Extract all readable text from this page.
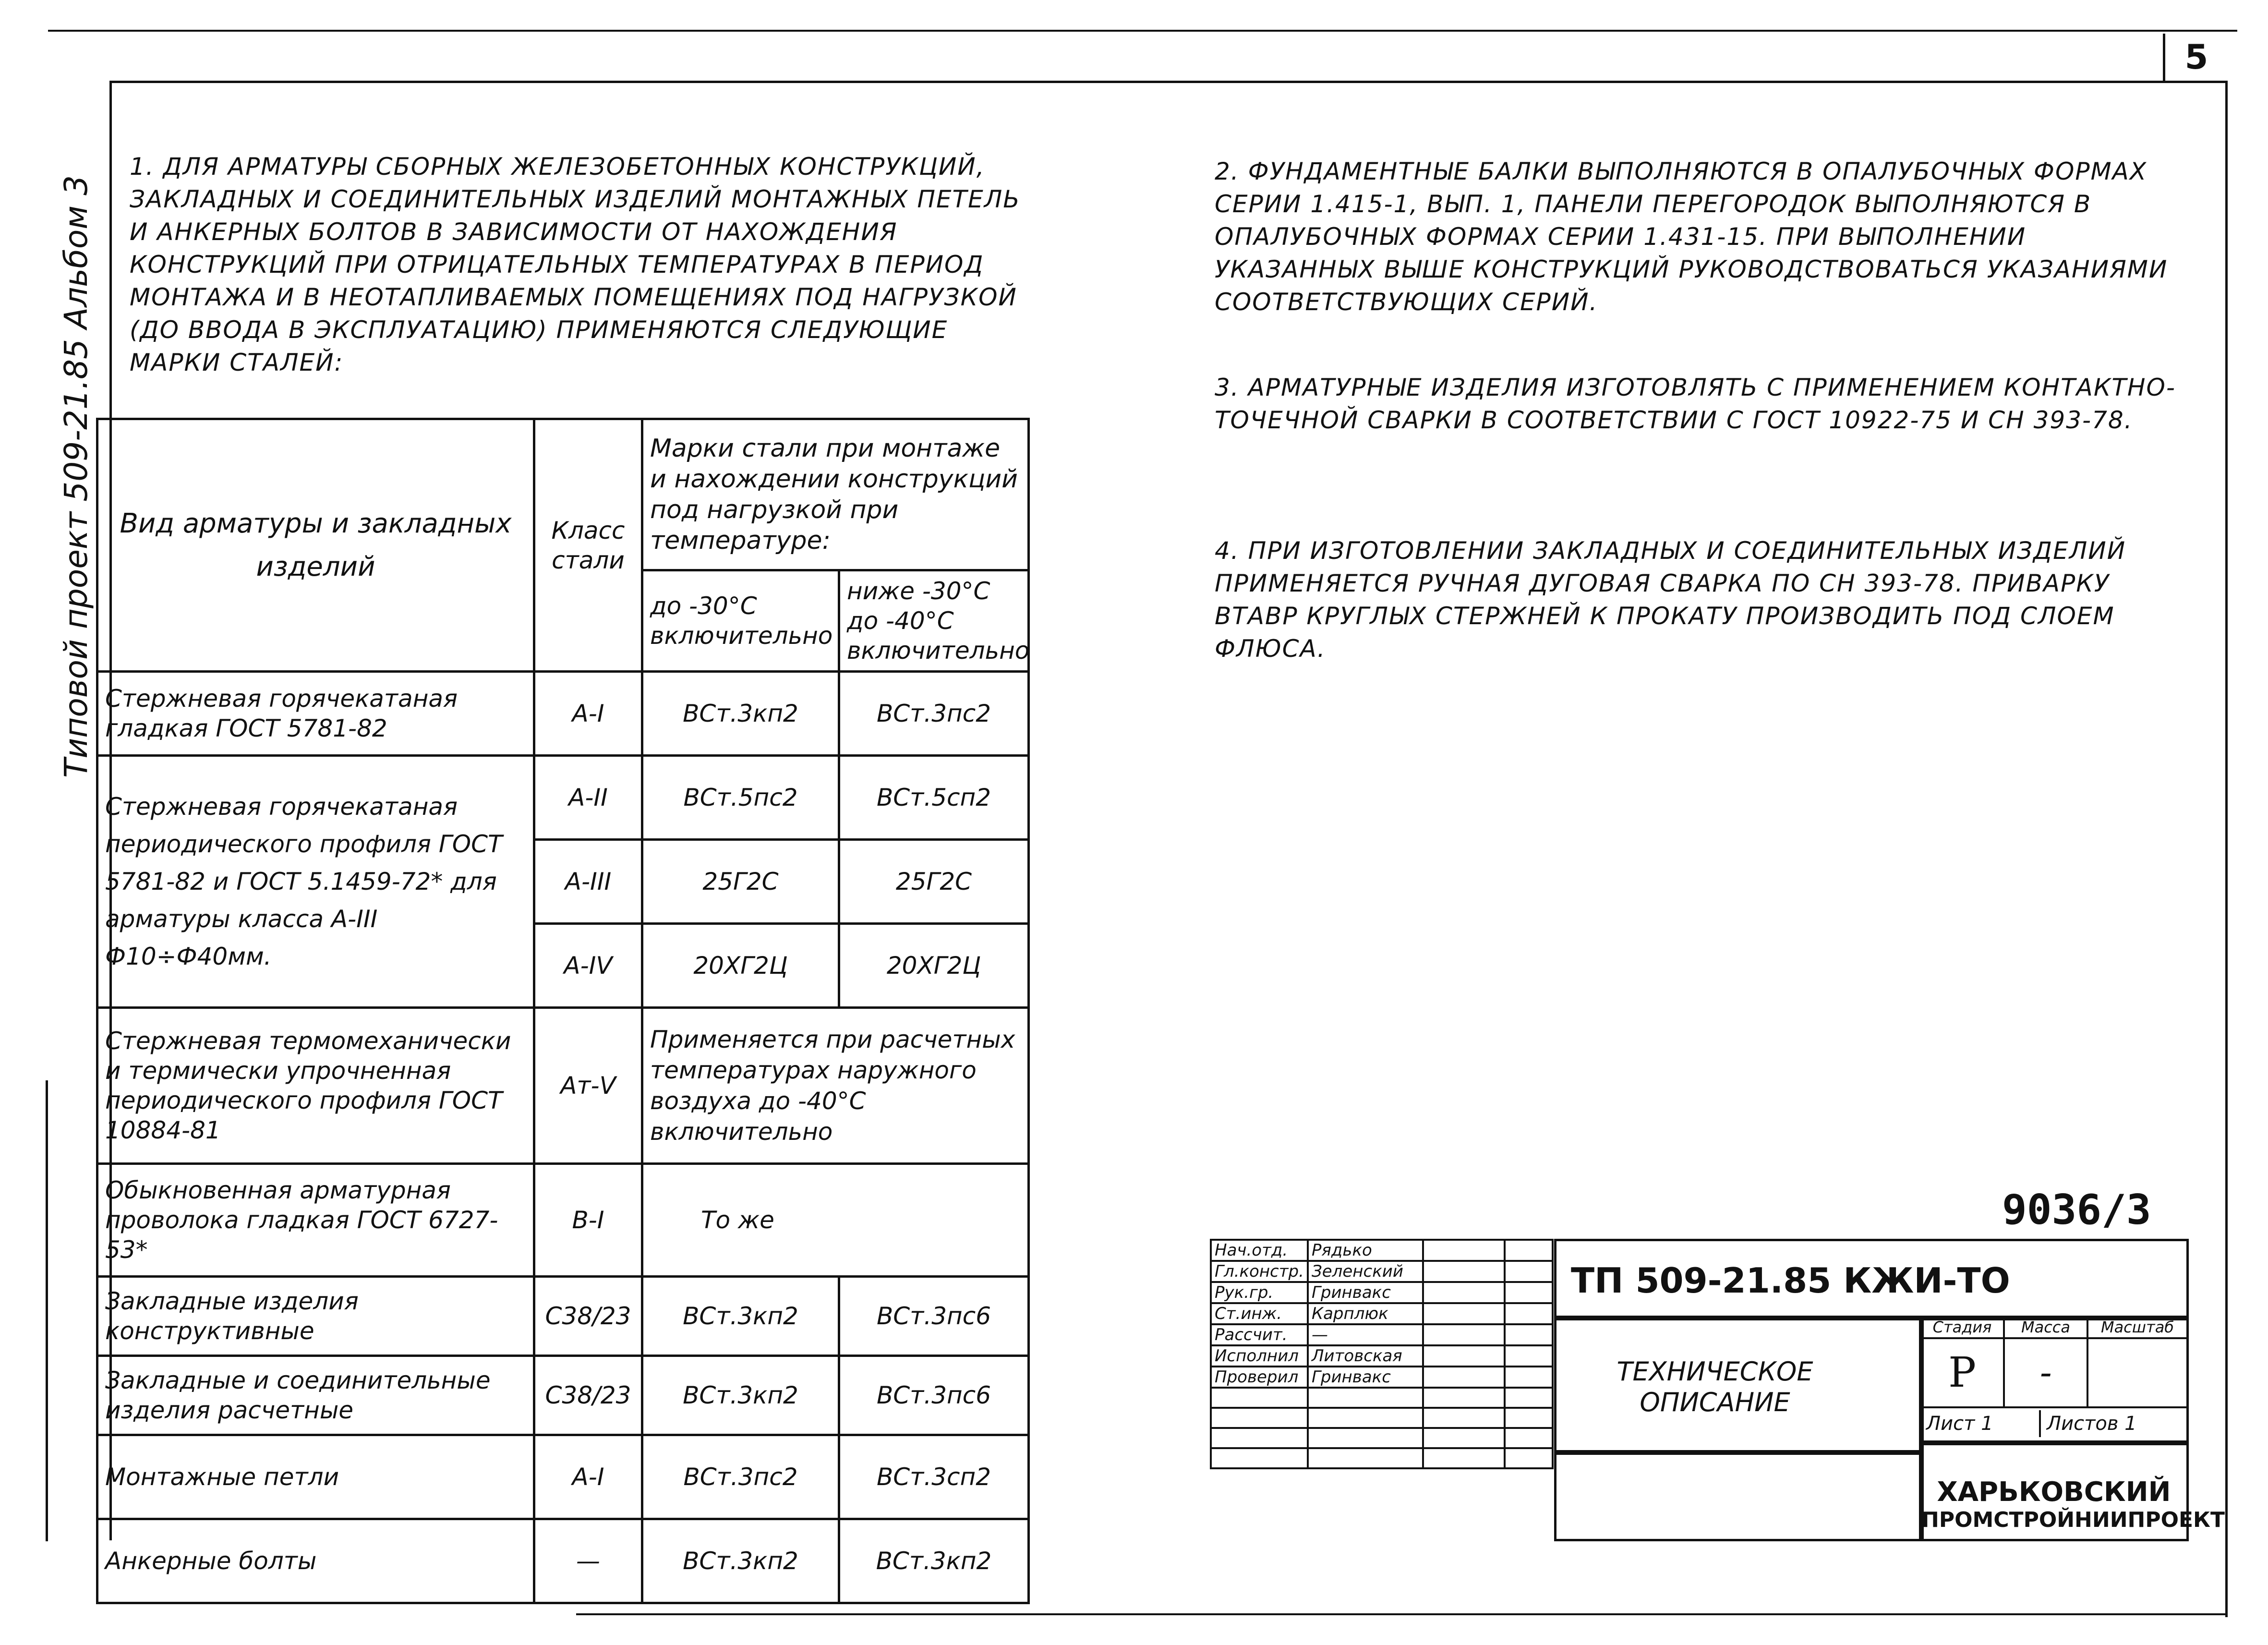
5
Типовой проект 509-21.85 Альбом 3

1. ДЛЯ АРМАТУРЫ СБОРНЫХ ЖЕЛЕЗОБЕТОННЫХ КОНСТРУКЦИЙ, ЗАКЛАДНЫХ И СОЕДИНИТЕЛЬНЫХ ИЗДЕЛИЙ МОНТАЖНЫХ ПЕТЕЛЬ И АНКЕРНЫХ БОЛТОВ В ЗАВИСИМОСТИ ОТ НАХОЖДЕНИЯ КОНСТРУКЦИЙ ПРИ ОТРИЦАТЕЛЬНЫХ ТЕМПЕРАТУРАХ В ПЕРИОД МОНТАЖА И В НЕОТАПЛИВАЕМЫХ ПОМЕЩЕНИЯХ ПОД НАГРУЗКОЙ (ДО ВВОДА В ЭКСПЛУАТАЦИЮ) ПРИМЕНЯЮТСЯ СЛЕДУЮЩИЕ МАРКИ СТАЛЕЙ:

Вид арматуры и закладных изделий	Класс стали	Марки стали при монтаже и нахождении конструкций под нагрузкой при температуре:	
		до -30°С включительно	ниже -30°С до -40°С включительно
Стержневая горячекатаная гладкая ГОСТ 5781-82	А-I	ВСт.3кп2	ВСт.3пс2
Стержневая горячекатаная периодического профиля ГОСТ 5781-82 и ГОСТ 5.1459-72* для арматуры класса А-III Ф10÷Ф40мм.	А-II	ВСт.5пс2	ВСт.5сп2
	А-III	25Г2С	25Г2С
	А-IV	20ХГ2Ц	20ХГ2Ц
Стержневая термомеханически и термически упрочненная периодического профиля ГОСТ 10884-81	Ат-V	Применяется при расчетных температурах наружного воздуха до -40°С включительно	
Обыкновенная арматурная проволока гладкая ГОСТ 6727-53*	В-I	То же	
Закладные изделия конструктивные	С38/23	ВСт.3кп2	ВСт.3пс6
Закладные и соединительные изделия расчетные	С38/23	ВСт.3кп2	ВСт.3пс6
Монтажные петли	А-I	ВСт.3пс2	ВСт.3сп2
Анкерные болты	—	ВСт.3кп2	ВСт.3кп2

2. ФУНДАМЕНТНЫЕ БАЛКИ ВЫПОЛНЯЮТСЯ В ОПАЛУБОЧНЫХ ФОРМАХ СЕРИИ 1.415-1, ВЫП. 1, ПАНЕЛИ ПЕРЕГОРОДОК ВЫПОЛНЯЮТСЯ В ОПАЛУБОЧНЫХ ФОРМАХ СЕРИИ 1.431-15. ПРИ ВЫПОЛНЕНИИ УКАЗАННЫХ ВЫШЕ КОНСТРУКЦИЙ РУКОВОДСТВОВАТЬСЯ УКАЗАНИЯМИ СООТВЕТСТВУЮЩИХ СЕРИЙ.

3. АРМАТУРНЫЕ ИЗДЕЛИЯ ИЗГОТОВЛЯТЬ С ПРИМЕНЕНИЕМ КОНТАКТНО-ТОЧЕЧНОЙ СВАРКИ В СООТВЕТСТВИИ С ГОСТ 10922-75 И СН 393-78.

4. ПРИ ИЗГОТОВЛЕНИИ ЗАКЛАДНЫХ И СОЕДИНИТЕЛЬНЫХ ИЗДЕЛИЙ ПРИМЕНЯЕТСЯ РУЧНАЯ ДУГОВАЯ СВАРКА ПО СН 393-78. ПРИВАРКУ ВТАВР КРУГЛЫХ СТЕРЖНЕЙ К ПРОКАТУ ПРОИЗВОДИТЬ ПОД СЛОЕМ ФЛЮСА.

9036/3
Нач.отд.	Рядько		
Гл.констр.	Зеленский		
Рук.гр.	Гринвакс		
Ст.инж.	Карплюк		
Рассчит.	—		
Исполнил	Литовская		
Проверил	Гринвакс		

ТП 509-21.85 КЖИ-ТО
ТЕХНИЧЕСКОЕ ОПИСАНИЕ
Стадия	Масса	Масштаб
Р	-
Лист 1	Листов 1
ХАРЬКОВСКИЙ
ПРОМСТРОЙНИИПРОЕКТ
